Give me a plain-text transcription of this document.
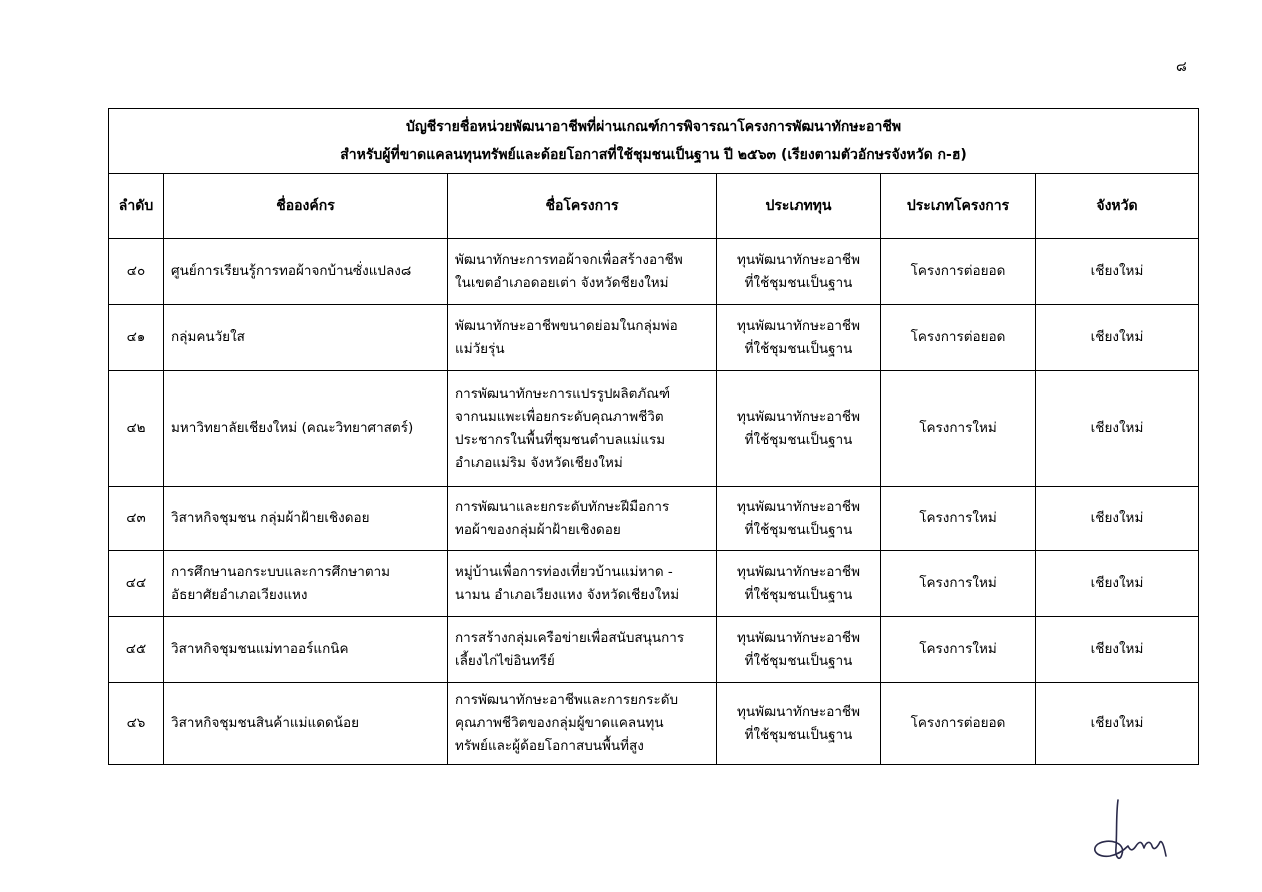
๘
บัญชีรายชื่อหน่วยพัฒนาอาชีพที่ผ่านเกณฑ์การพิจารณาโครงการพัฒนาทักษะอาชีพ
สำหรับผู้ที่ขาดแคลนทุนทรัพย์และด้อยโอกาสที่ใช้ชุมชนเป็นฐาน ปี ๒๕๖๓ (เรียงตามตัวอักษรจังหวัด ก-ฮ)					

ลำดับ	ชื่อองค์กร	ชื่อโครงการ	ประเภททุน	ประเภทโครงการ	จังหวัด
๔๐	ศูนย์การเรียนรู้การทอผ้าจกบ้านซั่งแปลง๘	พัฒนาทักษะการทอผ้าจกเพื่อสร้างอาชีพ
ในเขตอำเภอดอยเต่า จังหวัดชียงใหม่	ทุนพัฒนาทักษะอาชีพ
ที่ใช้ชุมชนเป็นฐาน	โครงการต่อยอด	เชียงใหม่
๔๑	กลุ่มคนวัยใส	พัฒนาทักษะอาชีพขนาดย่อมในกลุ่มพ่อ
แม่วัยรุ่น	ทุนพัฒนาทักษะอาชีพ
ที่ใช้ชุมชนเป็นฐาน	โครงการต่อยอด	เชียงใหม่
๔๒	มหาวิทยาลัยเชียงใหม่ (คณะวิทยาศาสตร์)	การพัฒนาทักษะการแปรรูปผลิตภัณฑ์
จากนมแพะเพื่อยกระดับคุณภาพชีวิต
ประชากรในพื้นที่ชุมชนตำบลแม่แรม
อำเภอแม่ริม จังหวัดเชียงใหม่	ทุนพัฒนาทักษะอาชีพ
ที่ใช้ชุมชนเป็นฐาน	โครงการใหม่	เชียงใหม่
๔๓	วิสาหกิจชุมชน กลุ่มผ้าฝ้ายเชิงดอย	การพัฒนาและยกระดับทักษะฝีมือการ
ทอผ้าของกลุ่มผ้าฝ้ายเชิงดอย	ทุนพัฒนาทักษะอาชีพ
ที่ใช้ชุมชนเป็นฐาน	โครงการใหม่	เชียงใหม่
๔๔	การศึกษานอกระบบและการศึกษาตาม
อัธยาศัยอำเภอเวียงแหง	หมู่บ้านเพื่อการท่องเที่ยวบ้านแม่หาด -
นามน อำเภอเวียงแหง จังหวัดเชียงใหม่	ทุนพัฒนาทักษะอาชีพ
ที่ใช้ชุมชนเป็นฐาน	โครงการใหม่	เชียงใหม่
๔๕	วิสาหกิจชุมชนแม่ทาออร์แกนิค	การสร้างกลุ่มเครือข่ายเพื่อสนับสนุนการ
เลี้ยงไก่ไข่อินทรีย์	ทุนพัฒนาทักษะอาชีพ
ที่ใช้ชุมชนเป็นฐาน	โครงการใหม่	เชียงใหม่
๔๖	วิสาหกิจชุมชนสินค้าแม่แดดน้อย	การพัฒนาทักษะอาชีพและการยกระดับ
คุณภาพชีวิตของกลุ่มผู้ขาดแคลนทุน
ทรัพย์และผู้ด้อยโอกาสบนพื้นที่สูง	ทุนพัฒนาทักษะอาชีพ
ที่ใช้ชุมชนเป็นฐาน	โครงการต่อยอด	เชียงใหม่
